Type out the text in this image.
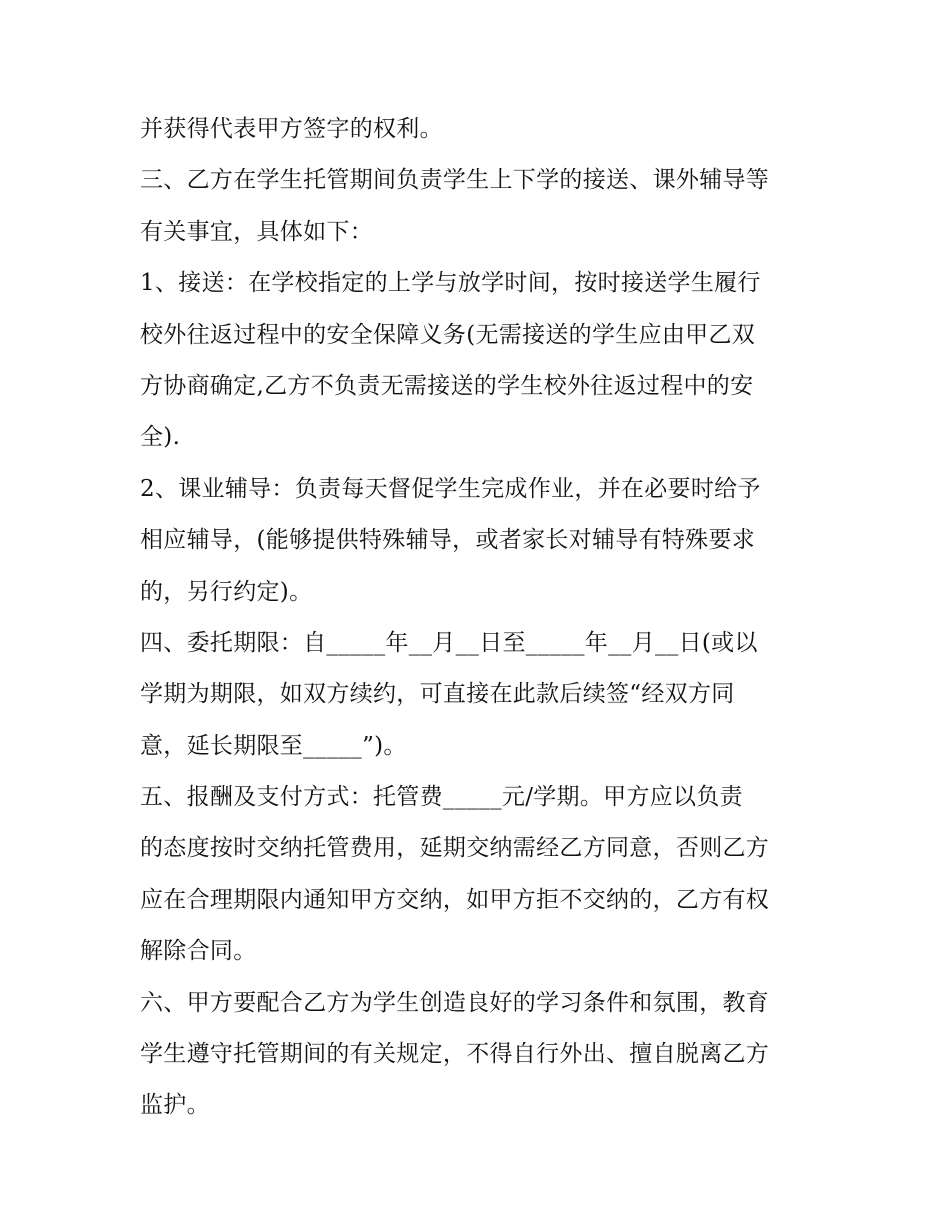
并获得代表甲方签字的权利。
三、乙方在学生托管期间负责学生上下学的接送、课外辅导等
有关事宜，具体如下：
1、接送：在学校指定的上学与放学时间，按时接送学生履行
校外往返过程中的安全保障义务(无需接送的学生应由甲乙双
方协商确定,乙方不负责无需接送的学生校外往返过程中的安
全).
2、课业辅导：负责每天督促学生完成作业，并在必要时给予
相应辅导，(能够提供特殊辅导，或者家长对辅导有特殊要求
的，另行约定)。
四、委托期限：自_____年__月__日至_____年__月__日(或以
学期为期限，如双方续约，可直接在此款后续签“经双方同
意，延长期限至_____”)。
五、报酬及支付方式：托管费_____元/学期。甲方应以负责
的态度按时交纳托管费用，延期交纳需经乙方同意，否则乙方
应在合理期限内通知甲方交纳，如甲方拒不交纳的，乙方有权
解除合同。
六、甲方要配合乙方为学生创造良好的学习条件和氛围，教育
学生遵守托管期间的有关规定，不得自行外出、擅自脱离乙方
监护。
